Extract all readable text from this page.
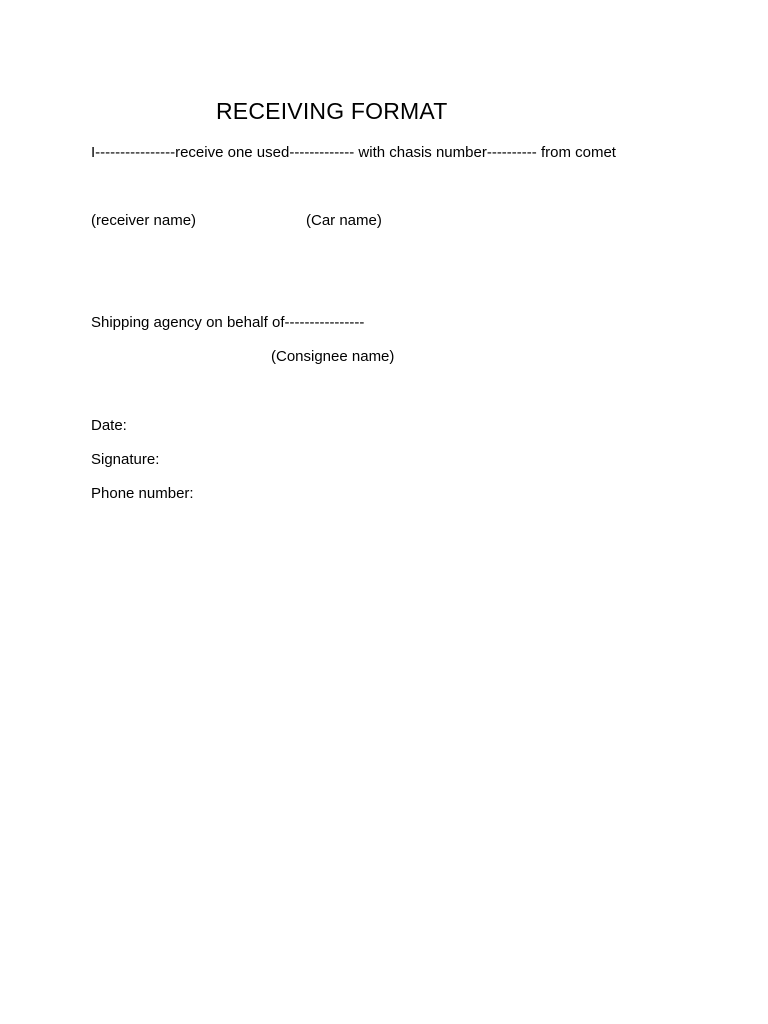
RECEIVING FORMAT
I----------------receive one used------------- with chasis number---------- from comet
(receiver name)	(Car name)
Shipping agency on behalf of----------------
(Consignee name)
Date:
Signature:
Phone number:
